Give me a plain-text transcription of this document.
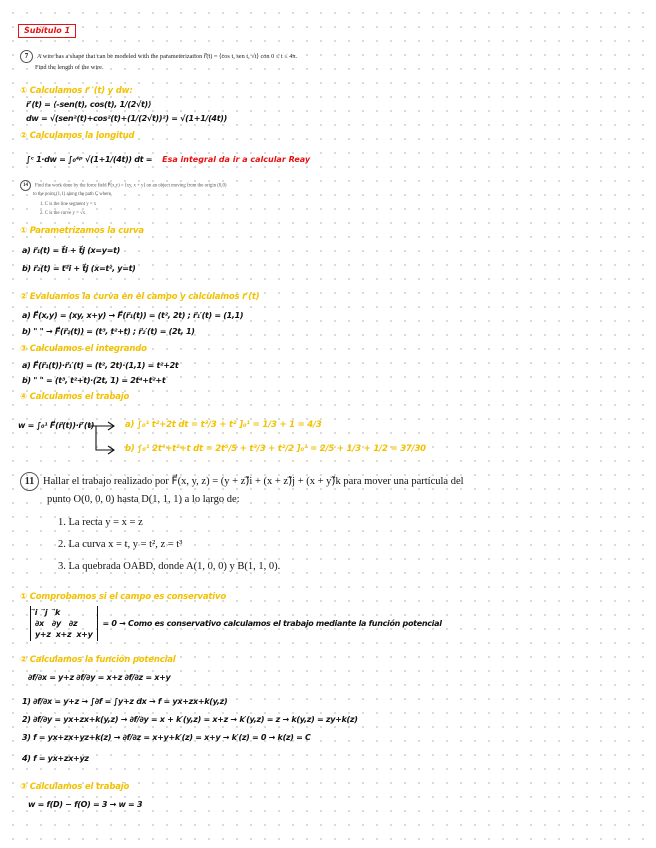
Subítulo 1
7 A wire has a shape that can be modeled with the parameterization r⃗(t) = ⟨cos t, sen t, √t⟩ con 0 ≤ t ≤ 4π.
Find the length of the wire.
① Calculamos r⃗ ′(t) y dw:
r⃗′(t) = ⟨-sen(t), cos(t), 1/(2√t)⟩
dw = √(sen²(t)+cos²(t)+(1/(2√t))²) = √(1+1/(4t))
② Calculamos la longitud
∫ᶜ 1·dw = ∫₀⁴ᵖ √(1+1/(4t)) dt = Esa integral da ir a calcular Reay
14 Find the work done by the force field F⃗(x,y) = ⟨xy, x + y⟩ on an object moving from the origin (0,0)
to the point (1,1) along the path C where
1. C is the line segment y = x
2. C is the curve y = √x
① Parametrizamos la curva
a) r⃗₁(t) = t⃗i + t⃗j (x=y=t)
b) r⃗₂(t) = t²⃗i + t⃗j (x=t², y=t)
② Evaluamos la curva en el campo y calculamos r⃗′(t)
a) F⃗(x,y) = (xy, x+y) → F⃗(r⃗₁(t)) = (t², 2t) ; r⃗₁′(t) = (1,1)
b) " " → F⃗(r⃗₂(t)) = (t³, t²+t) ; r⃗₂′(t) = (2t, 1)
③ Calculamos el integrando
a) F⃗(r⃗₁(t))·r⃗₁′(t) = (t², 2t)·(1,1) = t²+2t
b) " " = (t³, t²+t)·(2t, 1) = 2t⁴+t²+t
④ Calculamos el trabajo
w = ∫₀¹ F⃗(r⃗(t))·r⃗′(t)	a) ∫₀¹ t²+2t dt = t³/3 + t² ]₀¹ = 1/3 + 1 = 4/3
b) ∫₀¹ 2t⁴+t²+t dt = 2t⁵/5 + t³/3 + t²/2 ]₀¹ = 2/5 + 1/3 + 1/2 = 37/30
11 Hallar el trabajo realizado por F⃗(x, y, z) = (y + z)⃗i + (x + z)⃗j + (x + y)⃗k para mover una partícula del
punto O(0, 0, 0) hasta D(1, 1, 1) a lo largo de:
1. La recta y = x = z
2. La curva x = t, y = t², z = t³
3. La quebrada OABD, donde A(1, 0, 0) y B(1, 1, 0).
① Comprobamos si el campo es conservativo
⃗i ⃗j ⃗k
∂x ∂y ∂z
y+z x+z x+y
= 0 → Como es conservativo calculamos el trabajo mediante la función potencial
② Calculamos la función potencial
∂f/∂x = y+z ∂f/∂y = x+z ∂f/∂z = x+y
1) ∂f/∂x = y+z → ∫∂f = ∫y+z dx → f = yx+zx+k(y,z)
2) ∂f/∂y = yx+zx+k(y,z) → ∂f/∂y = x + k′(y,z) = x+z → k′(y,z) = z → k(y,z) = zy+k(z)
3) f = yx+zx+yz+k(z) → ∂f/∂z = x+y+k′(z) = x+y → k′(z) = 0 → k(z) = C
4) f = yx+zx+yz
③ Calculamos el trabajo
w = f(D) − f(O) = 3 → w = 3
